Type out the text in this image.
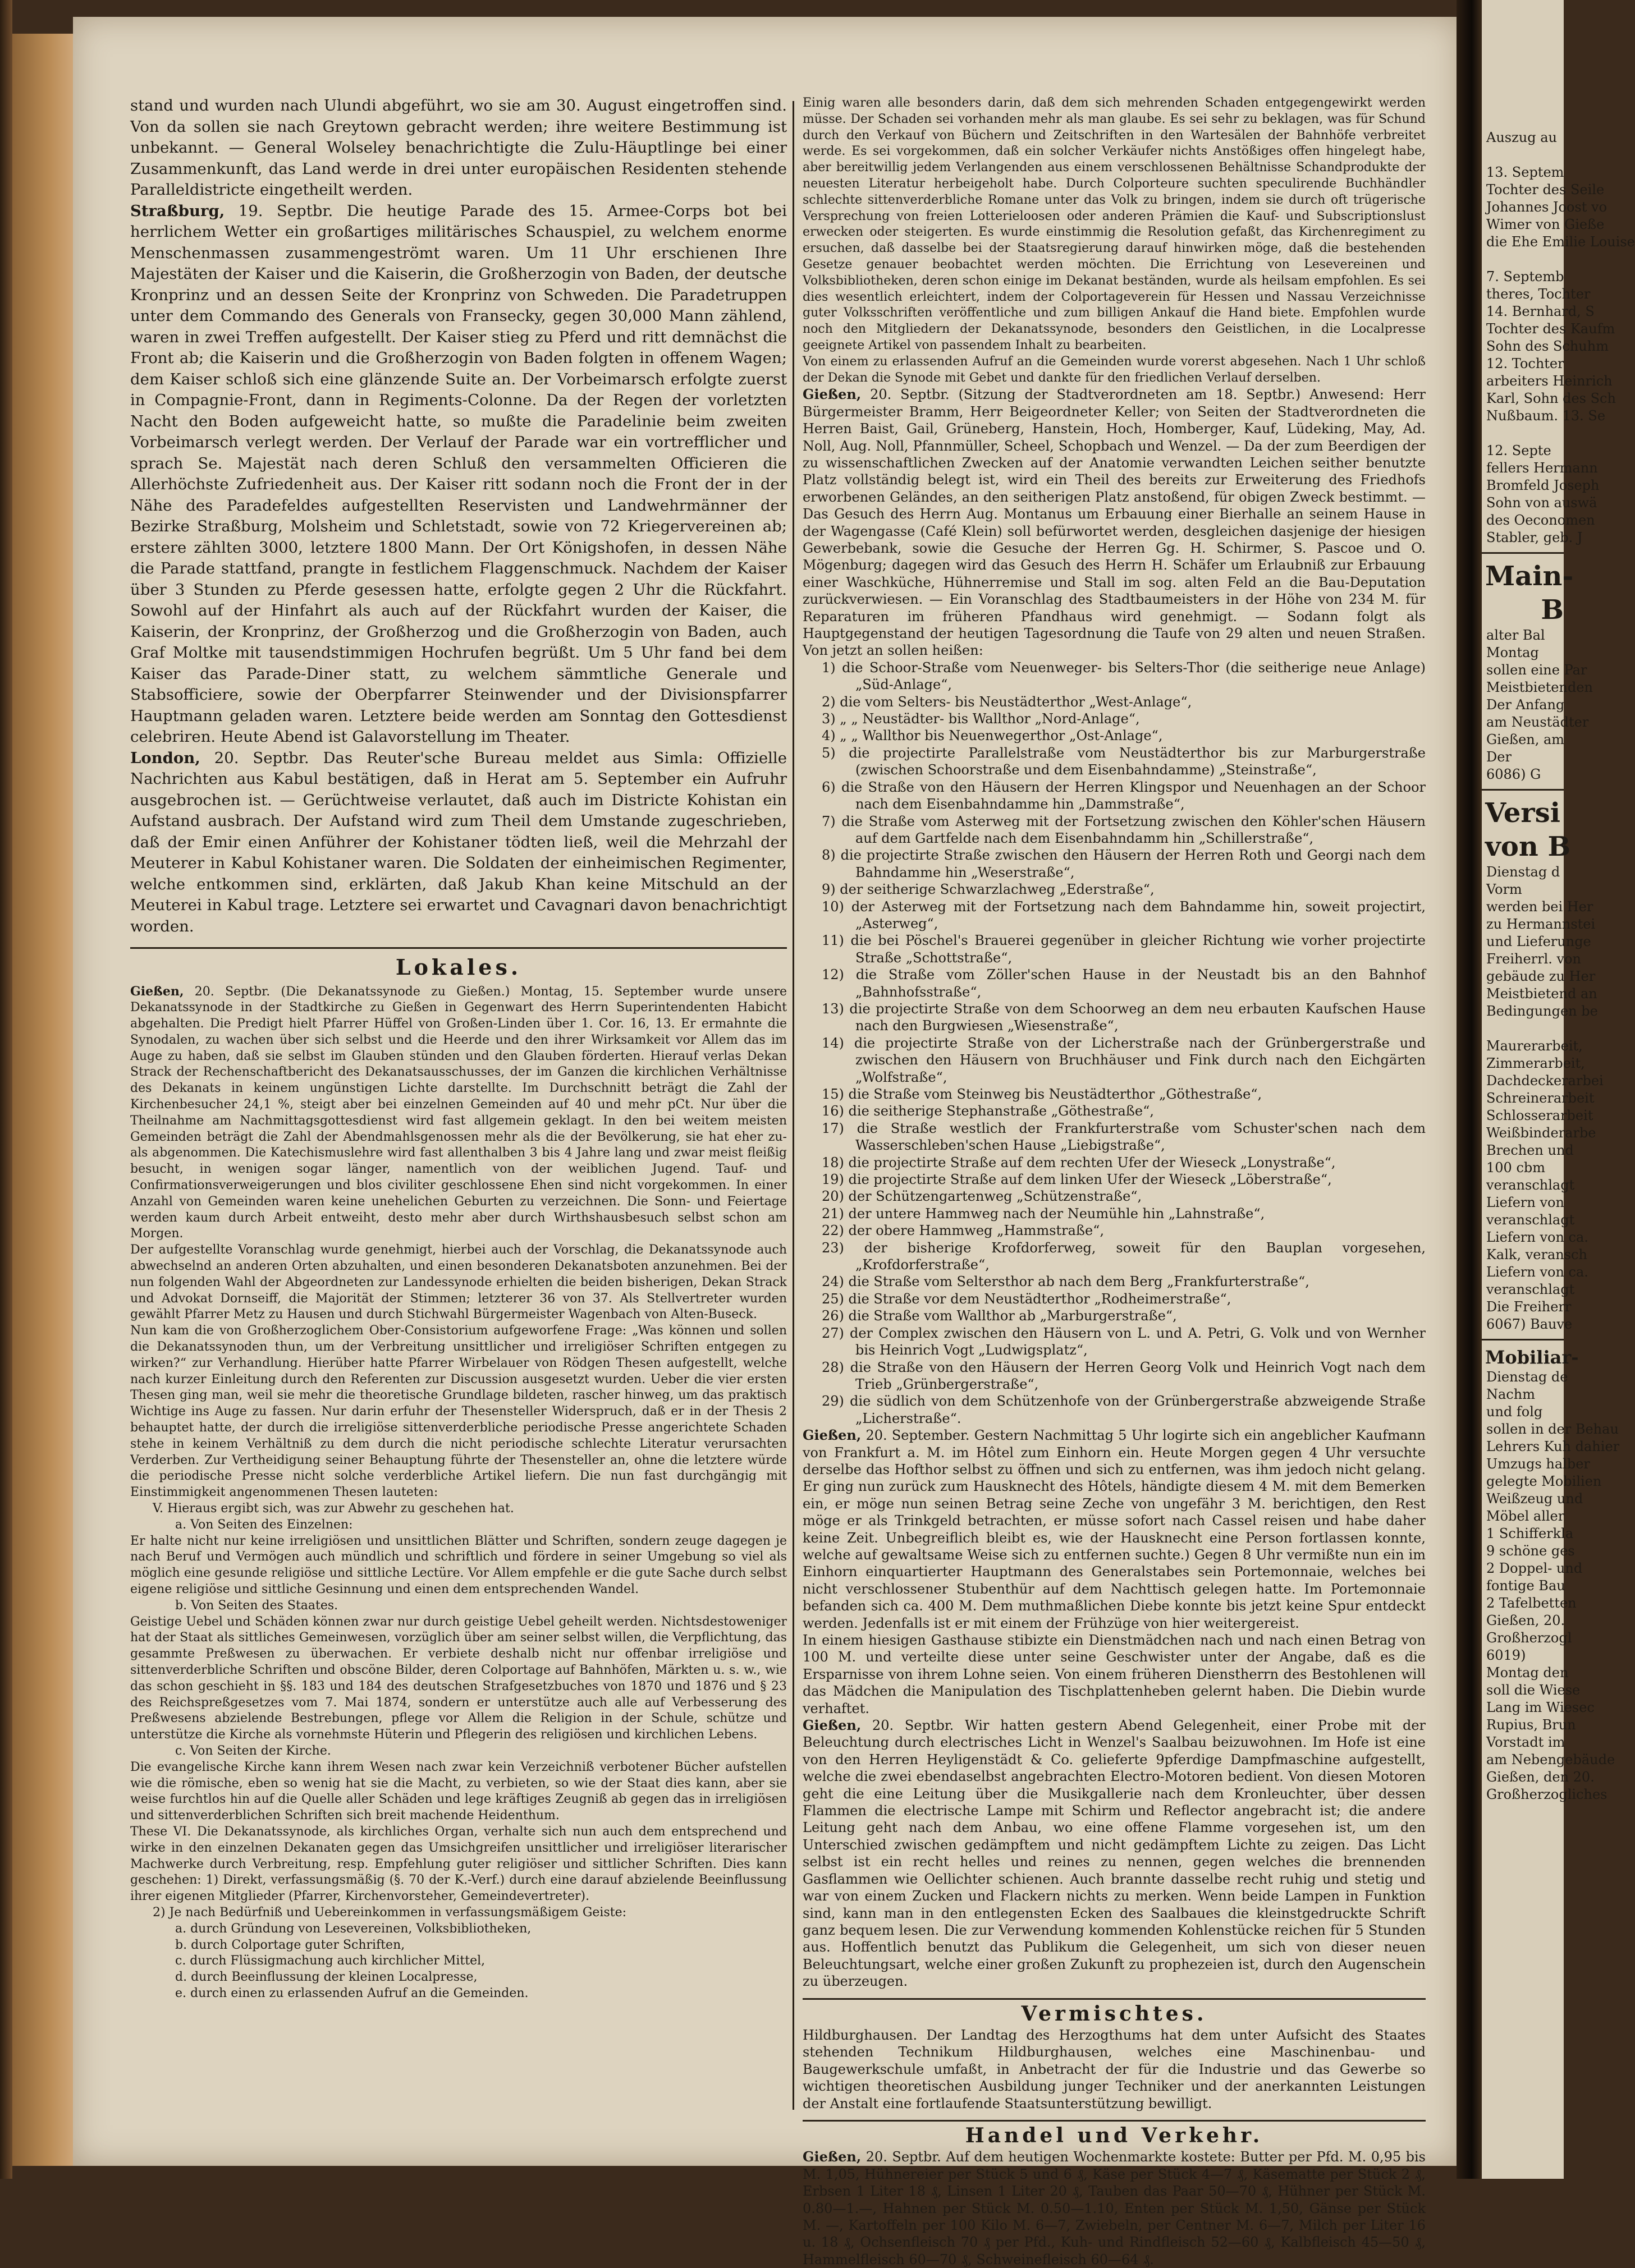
stand und wurden nach Ulundi abgeführt, wo sie am 30. August eingetroffen sind. Von da sollen sie nach Greytown gebracht werden; ihre weitere Bestimmung ist unbekannt. — General Wolseley benachrichtigte die Zulu-Häuptlinge bei einer Zusammenkunft, das Land werde in drei unter europäischen Residenten stehende Paralleldistricte eingetheilt werden.

Straßburg, 19. Septbr. Die heutige Parade des 15. Armee-Corps bot bei herrlichem Wetter ein großartiges militärisches Schauspiel, zu welchem enorme Menschenmassen zusammengeströmt waren. Um 11 Uhr erschienen Ihre Majestäten der Kaiser und die Kaiserin, die Großherzogin von Baden, der deutsche Kronprinz und an dessen Seite der Kronprinz von Schweden. Die Paradetruppen unter dem Commando des Generals von Fransecky, gegen 30,000 Mann zählend, waren in zwei Treffen aufgestellt. Der Kaiser stieg zu Pferd und ritt demnächst die Front ab; die Kaiserin und die Großherzogin von Baden folgten in offenem Wagen; dem Kaiser schloß sich eine glänzende Suite an. Der Vorbeimarsch erfolgte zuerst in Compagnie-Front, dann in Regiments-Colonne. Da der Regen der vorletzten Nacht den Boden aufgeweicht hatte, so mußte die Paradelinie beim zweiten Vorbeimarsch verlegt werden. Der Verlauf der Parade war ein vortrefflicher und sprach Se. Majestät nach deren Schluß den versammelten Officieren die Allerhöchste Zufriedenheit aus. Der Kaiser ritt sodann noch die Front der in der Nähe des Paradefeldes aufgestellten Reservisten und Landwehrmänner der Bezirke Straßburg, Molsheim und Schletstadt, sowie von 72 Kriegervereinen ab; erstere zählten 3000, letztere 1800 Mann. Der Ort Königshofen, in dessen Nähe die Parade stattfand, prangte in festlichem Flaggenschmuck. Nachdem der Kaiser über 3 Stunden zu Pferde gesessen hatte, erfolgte gegen 2 Uhr die Rückfahrt. Sowohl auf der Hinfahrt als auch auf der Rückfahrt wurden der Kaiser, die Kaiserin, der Kronprinz, der Großherzog und die Großherzogin von Baden, auch Graf Moltke mit tausendstimmigen Hochrufen begrüßt. Um 5 Uhr fand bei dem Kaiser das Parade-Diner statt, zu welchem sämmtliche Generale und Stabsofficiere, sowie der Oberpfarrer Steinwender und der Divisionspfarrer Hauptmann geladen waren. Letztere beide werden am Sonntag den Gottesdienst celebriren. Heute Abend ist Galavorstellung im Theater.

London, 20. Septbr. Das Reuter'sche Bureau meldet aus Simla: Offizielle Nachrichten aus Kabul bestätigen, daß in Herat am 5. September ein Aufruhr ausgebrochen ist. — Gerüchtweise verlautet, daß auch im Districte Kohistan ein Aufstand ausbrach. Der Aufstand wird zum Theil dem Umstande zugeschrieben, daß der Emir einen Anführer der Kohistaner tödten ließ, weil die Mehrzahl der Meuterer in Kabul Kohistaner waren. Die Soldaten der einheimischen Regimenter, welche entkommen sind, erklärten, daß Jakub Khan keine Mitschuld an der Meuterei in Kabul trage. Letztere sei erwartet und Cavagnari davon benachrichtigt worden.

Lokales.

Gießen, 20. Septbr. (Die Dekanatssynode zu Gießen.) Montag, 15. September wurde unsere Dekanatssynode in der Stadtkirche zu Gießen in Gegenwart des Herrn Superintendenten Habicht abgehalten. Die Predigt hielt Pfarrer Hüffel von Großen-Linden über 1. Cor. 16, 13. Er ermahnte die Synodalen, zu wachen über sich selbst und die Heerde und den ihrer Wirksamkeit vor Allem das im Auge zu haben, daß sie selbst im Glauben stünden und den Glauben förderten. Hierauf verlas Dekan Strack der Rechenschaftbericht des Dekanatsausschusses, der im Ganzen die kirchlichen Verhältnisse des Dekanats in keinem ungünstigen Lichte darstellte. Im Durchschnitt beträgt die Zahl der Kirchenbesucher 24,1 %, steigt aber bei einzelnen Gemeinden auf 40 und mehr pCt. Nur über die Theilnahme am Nachmittagsgottesdienst wird fast allgemein geklagt. In den bei weitem meisten Gemeinden beträgt die Zahl der Abendmahlsgenossen mehr als die der Bevölkerung, sie hat eher zu- als abgenommen. Die Katechismuslehre wird fast allenthalben 3 bis 4 Jahre lang und zwar meist fleißig besucht, in wenigen sogar länger, namentlich von der weiblichen Jugend. Tauf- und Confirmationsverweigerungen und blos civiliter geschlossene Ehen sind nicht vorgekommen. In einer Anzahl von Gemeinden waren keine unehelichen Geburten zu verzeichnen. Die Sonn- und Feiertage werden kaum durch Arbeit entweiht, desto mehr aber durch Wirthshausbesuch selbst schon am Morgen.

Der aufgestellte Voranschlag wurde genehmigt, hierbei auch der Vorschlag, die Dekanatssynode auch abwechselnd an anderen Orten abzuhalten, und einen besonderen Dekanatsboten anzunehmen. Bei der nun folgenden Wahl der Abgeordneten zur Landessynode erhielten die beiden bisherigen, Dekan Strack und Advokat Dornseiff, die Majorität der Stimmen; letzterer 36 von 37. Als Stellvertreter wurden gewählt Pfarrer Metz zu Hausen und durch Stichwahl Bürgermeister Wagenbach von Alten-Buseck.

Nun kam die von Großherzoglichem Ober-Consistorium aufgeworfene Frage: „Was können und sollen die Dekanatssynoden thun, um der Verbreitung unsittlicher und irreligiöser Schriften entgegen zu wirken?“ zur Verhandlung. Hierüber hatte Pfarrer Wirbelauer von Rödgen Thesen aufgestellt, welche nach kurzer Einleitung durch den Referenten zur Discussion ausgesetzt wurden. Ueber die vier ersten Thesen ging man, weil sie mehr die theoretische Grundlage bildeten, rascher hinweg, um das praktisch Wichtige ins Auge zu fassen. Nur darin erfuhr der Thesensteller Widerspruch, daß er in der Thesis 2 behauptet hatte, der durch die irreligiöse sittenverderbliche periodische Presse angerichtete Schaden stehe in keinem Verhältniß zu dem durch die nicht periodische schlechte Literatur verursachten Verderben. Zur Vertheidigung seiner Behauptung führte der Thesensteller an, ohne die letztere würde die periodische Presse nicht solche verderbliche Artikel liefern. Die nun fast durchgängig mit Einstimmigkeit angenommenen Thesen lauteten:

V. Hieraus ergibt sich, was zur Abwehr zu geschehen hat.

a. Von Seiten des Einzelnen:

Er halte nicht nur keine irreligiösen und unsittlichen Blätter und Schriften, sondern zeuge dagegen je nach Beruf und Vermögen auch mündlich und schriftlich und fördere in seiner Umgebung so viel als möglich eine gesunde religiöse und sittliche Lectüre. Vor Allem empfehle er die gute Sache durch selbst eigene religiöse und sittliche Gesinnung und einen dem entsprechenden Wandel.

b. Von Seiten des Staates.

Geistige Uebel und Schäden können zwar nur durch geistige Uebel geheilt werden. Nichtsdestoweniger hat der Staat als sittliches Gemeinwesen, vorzüglich über am seiner selbst willen, die Verpflichtung, das gesammte Preßwesen zu überwachen. Er verbiete deshalb nicht nur offenbar irreligiöse und sittenverderbliche Schriften und obscöne Bilder, deren Colportage auf Bahnhöfen, Märkten u. s. w., wie das schon geschieht in §§. 183 und 184 des deutschen Strafgesetzbuches von 1870 und 1876 und § 23 des Reichspreßgesetzes vom 7. Mai 1874, sondern er unterstütze auch alle auf Verbesserung des Preßwesens abzielende Bestrebungen, pflege vor Allem die Religion in der Schule, schütze und unterstütze die Kirche als vornehmste Hüterin und Pflegerin des religiösen und kirchlichen Lebens.

c. Von Seiten der Kirche.

Die evangelische Kirche kann ihrem Wesen nach zwar kein Verzeichniß verbotener Bücher aufstellen wie die römische, eben so wenig hat sie die Macht, zu verbieten, so wie der Staat dies kann, aber sie weise furchtlos hin auf die Quelle aller Schäden und lege kräftiges Zeugniß ab gegen das in irreligiösen und sittenverderblichen Schriften sich breit machende Heidenthum.

These VI. Die Dekanatssynode, als kirchliches Organ, verhalte sich nun auch dem entsprechend und wirke in den einzelnen Dekanaten gegen das Umsichgreifen unsittlicher und irreligiöser literarischer Machwerke durch Verbreitung, resp. Empfehlung guter religiöser und sittlicher Schriften. Dies kann geschehen: 1) Direkt, verfassungsmäßig (§. 70 der K.-Verf.) durch eine darauf abzielende Beeinflussung ihrer eigenen Mitglieder (Pfarrer, Kirchenvorsteher, Gemeindevertreter).

2) Je nach Bedürfniß und Uebereinkommen in verfassungsmäßigem Geiste:

a. durch Gründung von Lesevereinen, Volksbibliotheken,

b. durch Colportage guter Schriften,

c. durch Flüssigmachung auch kirchlicher Mittel,

d. durch Beeinflussung der kleinen Localpresse,

e. durch einen zu erlassenden Aufruf an die Gemeinden.

Einig waren alle besonders darin, daß dem sich mehrenden Schaden entgegengewirkt werden müsse. Der Schaden sei vorhanden mehr als man glaube. Es sei sehr zu beklagen, was für Schund durch den Verkauf von Büchern und Zeitschriften in den Wartesälen der Bahnhöfe verbreitet werde. Es sei vorgekommen, daß ein solcher Verkäufer nichts Anstößiges offen hingelegt habe, aber bereitwillig jedem Verlangenden aus einem verschlossenen Behältnisse Schandprodukte der neuesten Literatur herbeigeholt habe. Durch Colporteure suchten speculirende Buchhändler schlechte sittenverderbliche Romane unter das Volk zu bringen, indem sie durch oft trügerische Versprechung von freien Lotterieloosen oder anderen Prämien die Kauf- und Subscriptionslust erwecken oder steigerten. Es wurde einstimmig die Resolution gefaßt, das Kirchenregiment zu ersuchen, daß dasselbe bei der Staatsregierung darauf hinwirken möge, daß die bestehenden Gesetze genauer beobachtet werden möchten. Die Errichtung von Lesevereinen und Volksbibliotheken, deren schon einige im Dekanat beständen, wurde als heilsam empfohlen. Es sei dies wesentlich erleichtert, indem der Colportageverein für Hessen und Nassau Verzeichnisse guter Volksschriften veröffentliche und zum billigen Ankauf die Hand biete. Empfohlen wurde noch den Mitgliedern der Dekanatssynode, besonders den Geistlichen, in die Localpresse geeignete Artikel von passendem Inhalt zu bearbeiten.

Von einem zu erlassenden Aufruf an die Gemeinden wurde vorerst abgesehen. Nach 1 Uhr schloß der Dekan die Synode mit Gebet und dankte für den friedlichen Verlauf derselben.

Gießen, 20. Septbr. (Sitzung der Stadtverordneten am 18. Septbr.) Anwesend: Herr Bürgermeister Bramm, Herr Beigeordneter Keller; von Seiten der Stadtverordneten die Herren Baist, Gail, Grüneberg, Hanstein, Hoch, Homberger, Kauf, Lüdeking, May, Ad. Noll, Aug. Noll, Pfannmüller, Scheel, Schopbach und Wenzel. — Da der zum Beerdigen der zu wissenschaftlichen Zwecken auf der Anatomie verwandten Leichen seither benutzte Platz vollständig belegt ist, wird ein Theil des bereits zur Erweiterung des Friedhofs erworbenen Geländes, an den seitherigen Platz anstoßend, für obigen Zweck bestimmt. — Das Gesuch des Herrn Aug. Montanus um Erbauung einer Bierhalle an seinem Hause in der Wagengasse (Café Klein) soll befürwortet werden, desgleichen dasjenige der hiesigen Gewerbebank, sowie die Gesuche der Herren Gg. H. Schirmer, S. Pascoe und O. Mögenburg; dagegen wird das Gesuch des Herrn H. Schäfer um Erlaubniß zur Erbauung einer Waschküche, Hühnerremise und Stall im sog. alten Feld an die Bau-Deputation zurückverwiesen. — Ein Voranschlag des Stadtbaumeisters in der Höhe von 234 M. für Reparaturen im früheren Pfandhaus wird genehmigt. — Sodann folgt als Hauptgegenstand der heutigen Tagesordnung die Taufe von 29 alten und neuen Straßen. Von jetzt an sollen heißen:

1) die Schoor-Straße vom Neuenweger- bis Selters-Thor (die seitherige neue Anlage) „Süd-Anlage“,
2) die vom Selters- bis Neustädterthor „West-Anlage“,
3) „ „ Neustädter- bis Wallthor „Nord-Anlage“,
4) „ „ Wallthor bis Neuenwegerthor „Ost-Anlage“,
5) die projectirte Parallelstraße vom Neustädterthor bis zur Marburgerstraße (zwischen Schoorstraße und dem Eisenbahndamme) „Steinstraße“,
6) die Straße von den Häusern der Herren Klingspor und Neuenhagen an der Schoor nach dem Eisenbahndamme hin „Dammstraße“,
7) die Straße vom Asterweg mit der Fortsetzung zwischen den Köhler'schen Häusern auf dem Gartfelde nach dem Eisenbahndamm hin „Schillerstraße“,
8) die projectirte Straße zwischen den Häusern der Herren Roth und Georgi nach dem Bahndamme hin „Weserstraße“,
9) der seitherige Schwarzlachweg „Ederstraße“,
10) der Asterweg mit der Fortsetzung nach dem Bahndamme hin, soweit projectirt, „Asterweg“,
11) die bei Pöschel's Brauerei gegenüber in gleicher Richtung wie vorher projectirte Straße „Schottstraße“,
12) die Straße vom Zöller'schen Hause in der Neustadt bis an den Bahnhof „Bahnhofsstraße“,
13) die projectirte Straße von dem Schoorweg an dem neu erbauten Kaufschen Hause nach den Burgwiesen „Wiesenstraße“,
14) die projectirte Straße von der Licherstraße nach der Grünbergerstraße und zwischen den Häusern von Bruchhäuser und Fink durch nach den Eichgärten „Wolfstraße“,
15) die Straße vom Steinweg bis Neustädterthor „Göthestraße“,
16) die seitherige Stephanstraße „Göthestraße“,
17) die Straße westlich der Frankfurterstraße vom Schuster'schen nach dem Wasserschleben'schen Hause „Liebigstraße“,
18) die projectirte Straße auf dem rechten Ufer der Wieseck „Lonystraße“,
19) die projectirte Straße auf dem linken Ufer der Wieseck „Löberstraße“,
20) der Schützengartenweg „Schützenstraße“,
21) der untere Hammweg nach der Neumühle hin „Lahnstraße“,
22) der obere Hammweg „Hammstraße“,
23) der bisherige Krofdorferweg, soweit für den Bauplan vorgesehen, „Krofdorferstraße“,
24) die Straße vom Seltersthor ab nach dem Berg „Frankfurterstraße“,
25) die Straße vor dem Neustädterthor „Rodheimerstraße“,
26) die Straße vom Wallthor ab „Marburgerstraße“,
27) der Complex zwischen den Häusern von L. und A. Petri, G. Volk und von Wernher bis Heinrich Vogt „Ludwigsplatz“,
28) die Straße von den Häusern der Herren Georg Volk und Heinrich Vogt nach dem Trieb „Grünbergerstraße“,
29) die südlich von dem Schützenhofe von der Grünbergerstraße abzweigende Straße „Licherstraße“.

Gießen, 20. September. Gestern Nachmittag 5 Uhr logirte sich ein angeblicher Kaufmann von Frankfurt a. M. im Hôtel zum Einhorn ein. Heute Morgen gegen 4 Uhr versuchte derselbe das Hofthor selbst zu öffnen und sich zu entfernen, was ihm jedoch nicht gelang. Er ging nun zurück zum Hausknecht des Hôtels, händigte diesem 4 M. mit dem Bemerken ein, er möge nun seinen Betrag seine Zeche von ungefähr 3 M. berichtigen, den Rest möge er als Trinkgeld betrachten, er müsse sofort nach Cassel reisen und habe daher keine Zeit. Unbegreiflich bleibt es, wie der Hausknecht eine Person fortlassen konnte, welche auf gewaltsame Weise sich zu entfernen suchte.) Gegen 8 Uhr vermißte nun ein im Einhorn einquartierter Hauptmann des Generalstabes sein Portemonnaie, welches bei nicht verschlossener Stubenthür auf dem Nachttisch gelegen hatte. Im Portemonnaie befanden sich ca. 400 M. Dem muthmaßlichen Diebe konnte bis jetzt keine Spur entdeckt werden. Jedenfalls ist er mit einem der Frühzüge von hier weitergereist.

In einem hiesigen Gasthause stibizte ein Dienstmädchen nach und nach einen Betrag von 100 M. und verteilte diese unter seine Geschwister unter der Angabe, daß es die Ersparnisse von ihrem Lohne seien. Von einem früheren Dienstherrn des Bestohlenen will das Mädchen die Manipulation des Tischplattenheben gelernt haben. Die Diebin wurde verhaftet.

Gießen, 20. Septbr. Wir hatten gestern Abend Gelegenheit, einer Probe mit der Beleuchtung durch electrisches Licht in Wenzel's Saalbau beizuwohnen. Im Hofe ist eine von den Herren Heyligenstädt & Co. gelieferte 9pferdige Dampfmaschine aufgestellt, welche die zwei ebendaselbst angebrachten Electro-Motoren bedient. Von diesen Motoren geht die eine Leitung über die Musikgallerie nach dem Kronleuchter, über dessen Flammen die electrische Lampe mit Schirm und Reflector angebracht ist; die andere Leitung geht nach dem Anbau, wo eine offene Flamme vorgesehen ist, um den Unterschied zwischen gedämpftem und nicht gedämpftem Lichte zu zeigen. Das Licht selbst ist ein recht helles und reines zu nennen, gegen welches die brennenden Gasflammen wie Oellichter schienen. Auch brannte dasselbe recht ruhig und stetig und war von einem Zucken und Flackern nichts zu merken. Wenn beide Lampen in Funktion sind, kann man in den entlegensten Ecken des Saalbaues die kleinstgedruckte Schrift ganz bequem lesen. Die zur Verwendung kommenden Kohlenstücke reichen für 5 Stunden aus. Hoffentlich benutzt das Publikum die Gelegenheit, um sich von dieser neuen Beleuchtungsart, welche einer großen Zukunft zu prophezeien ist, durch den Augenschein zu überzeugen.

Vermischtes.

Hildburghausen. Der Landtag des Herzogthums hat dem unter Aufsicht des Staates stehenden Technikum Hildburghausen, welches eine Maschinenbau- und Baugewerkschule umfaßt, in Anbetracht der für die Industrie und das Gewerbe so wichtigen theoretischen Ausbildung junger Techniker und der anerkannten Leistungen der Anstalt eine fortlaufende Staatsunterstützung bewilligt.

Handel und Verkehr.

Gießen, 20. Septbr. Auf dem heutigen Wochenmarkte kostete: Butter per Pfd. M. 0,95 bis M. 1,05, Hühnereier per Stück 5 und 6 ₰, Käse per Stück 4—7 ₰, Käsematte per Stück 2 ₰, Erbsen 1 Liter 18 ₰, Linsen 1 Liter 20 ₰, Tauben das Paar 50—70 ₰, Hühner per Stück M. 0.80—1.—, Hahnen per Stück M. 0.50—1.10, Enten per Stück M. 1,50, Gänse per Stück M. —, Kartoffeln per 100 Kilo M. 6—7, Zwiebeln, per Centner M. 6—7, Milch per Liter 16 u. 18 ₰, Ochsenfleisch 70 ₰ per Pfd., Kuh- und Rindfleisch 52—60 ₰, Kalbfleisch 45—50 ₰, Hammelfleisch 60—70 ₰, Schweinefleisch 60—64 ₰.

Auszug au

13. Septem
Tochter des Seile
Johannes Joost vo
Wimer von Gieße
die Ehe Emilie Louise

7. Septemb
theres, Tochter
14. Bernhard, S
Tochter des Kaufm
Sohn des Schuhm
12. Tochter
arbeiters Heinrich
Karl, Sohn des Sch
Nußbaum. 13. Se

12. Septe
fellers Hermann
Bromfeld Joseph
Sohn von auswä
des Oeconomen
Stabler, geb. J
Main-
B
alter Bal
Montag
sollen eine Par
Meistbietenden
Der Anfang
am Neustädter
Gießen, am
Der
6086) G
Versi
von B
Dienstag d
Vorm
werden bei Her
zu Hermannstei
und Lieferunge
Freiherrl. von
gebäude zu Her
Meistbietend an
Bedingungen be

Maurerarbeit,
Zimmerarbeit,
Dachdeckerarbei
Schreinerarbeit
Schlosserarbeit
Weißbinderarbe
Brechen und
100 cbm
veranschlagt
Liefern von
veranschlagt
Liefern von ca.
Kalk, veransch
Liefern von ca.
veranschlagt
Die Freiherr
6067) Bauve
Mobiliar-
Dienstag de
Nachm
und folg
sollen in der Behau
Lehrers Kuh dahier
Umzugs halber
gelegte Mobilien
Weißzeug und
Möbel aller
1 Schifferkla
9 schöne ges
2 Doppel- und
fontige Bau
2 Tafelbetten
Gießen, 20.
Großherzogl
6019)
Montag den
soll die Wiese
Lang im Wiesec
Rupius, Brun
Vorstadt im
am Nebengebäude
Gießen, den 20.
Großherzogliches
